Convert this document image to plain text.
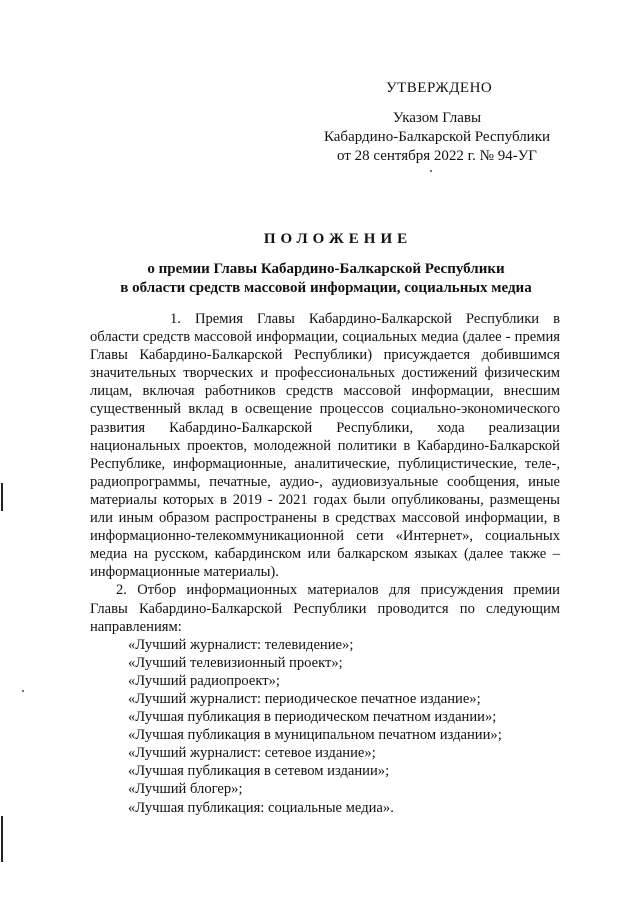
УТВЕРЖДЕНО
Указом Главы
Кабардино-Балкарской Республики
от 28 сентября 2022 г. № 94-УГ
ПОЛОЖЕНИЕ
о премии Главы Кабардино-Балкарской Республики
в области средств массовой информации, социальных медиа

1. Премия Главы Кабардино-Балкарской Республики в области средств массовой информации, социальных медиа (далее - премия Главы Кабардино-Балкарской Республики) присуждается добившимся значительных творческих и профессиональных достижений физическим лицам, включая работников средств массовой информации, внесшим существенный вклад в освещение процессов социально-экономического развития Кабардино-Балкарской Республики, хода реализации национальных проектов, молодежной политики в Кабардино-Балкарской Республике, информационные, аналитические, публицистические, теле-, радиопрограммы, печатные, аудио-, аудиовизуальные сообщения, иные материалы которых в 2019 - 2021 годах были опубликованы, размещены или иным образом распространены в средствах массовой информации, в информационно-телекоммуникационной сети «Интернет», социальных медиа на русском, кабардинском или балкарском языках (далее также – информационные материалы).

2. Отбор информационных материалов для присуждения премии Главы Кабардино-Балкарской Республики проводится по следующим направлениям:

«Лучший журналист: телевидение»;
«Лучший телевизионный проект»;
«Лучший радиопроект»;
«Лучший журналист: периодическое печатное издание»;
«Лучшая публикация в периодическом печатном издании»;
«Лучшая публикация в муниципальном печатном издании»;
«Лучший журналист: сетевое издание»;
«Лучшая публикация в сетевом издании»;
«Лучший блогер»;
«Лучшая публикация: социальные медиа».
